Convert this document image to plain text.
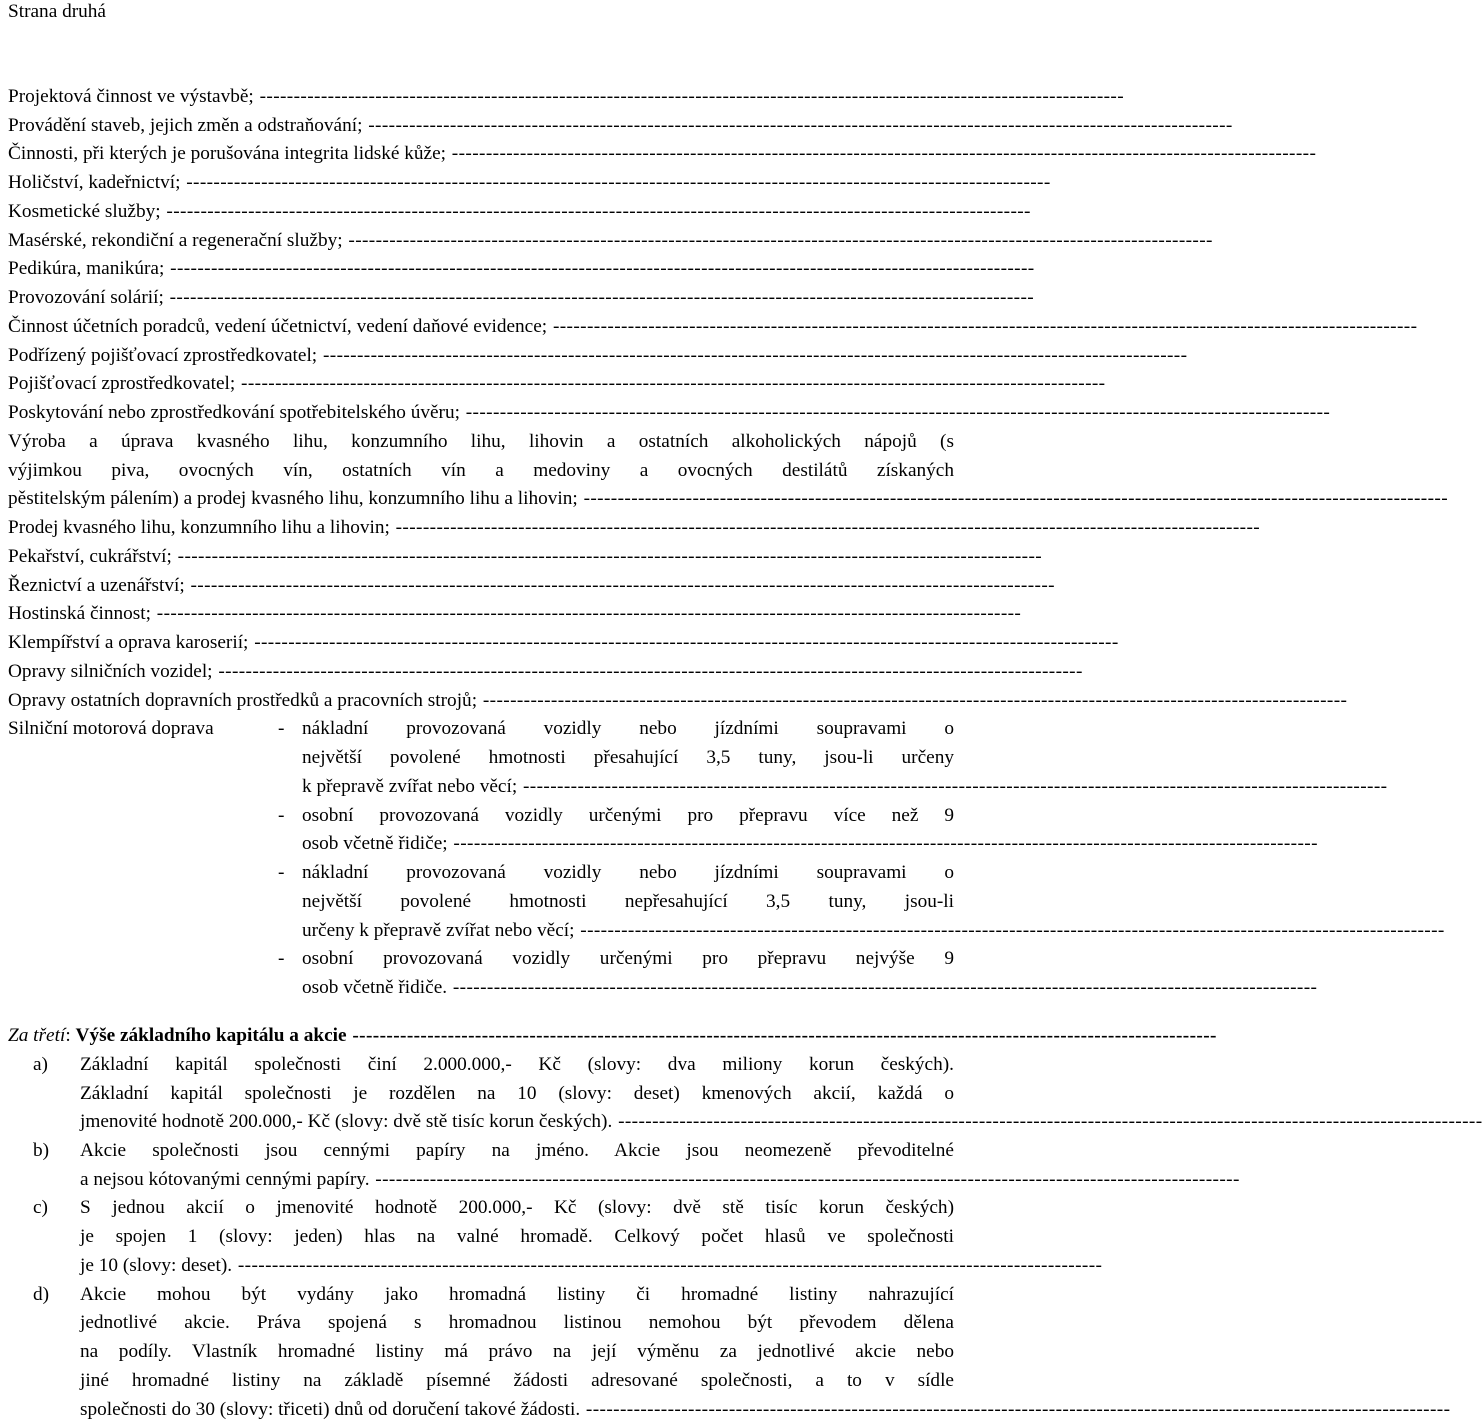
Strana druhá
Projektová činnost ve výstavbě; -------------------------------------------------------------------------------------------------------------------------------
Provádění staveb, jejich změn a odstraňování; -------------------------------------------------------------------------------------------------------------------------------
Činnosti, při kterých je porušována integrita lidské kůže; -------------------------------------------------------------------------------------------------------------------------------
Holičství, kadeřnictví; -------------------------------------------------------------------------------------------------------------------------------
Kosmetické služby; -------------------------------------------------------------------------------------------------------------------------------
Masérské, rekondiční a regenerační služby; -------------------------------------------------------------------------------------------------------------------------------
Pedikúra, manikúra; -------------------------------------------------------------------------------------------------------------------------------
Provozování solárií; -------------------------------------------------------------------------------------------------------------------------------
Činnost účetních poradců, vedení účetnictví, vedení daňové evidence; -------------------------------------------------------------------------------------------------------------------------------
Podřízený pojišťovací zprostředkovatel; -------------------------------------------------------------------------------------------------------------------------------
Pojišťovací zprostředkovatel; -------------------------------------------------------------------------------------------------------------------------------
Poskytování nebo zprostředkování spotřebitelského úvěru; -------------------------------------------------------------------------------------------------------------------------------
Výroba a úprava kvasného lihu, konzumního lihu, lihovin a ostatních alkoholických nápojů (s
výjimkou piva, ovocných vín, ostatních vín a medoviny a ovocných destilátů získaných
pěstitelským pálením) a prodej kvasného lihu, konzumního lihu a lihovin; -------------------------------------------------------------------------------------------------------------------------------
Prodej kvasného lihu, konzumního lihu a lihovin; -------------------------------------------------------------------------------------------------------------------------------
Pekařství, cukrářství; -------------------------------------------------------------------------------------------------------------------------------
Řeznictví a uzenářství; -------------------------------------------------------------------------------------------------------------------------------
Hostinská činnost; -------------------------------------------------------------------------------------------------------------------------------
Klempířství a oprava karoserií; -------------------------------------------------------------------------------------------------------------------------------
Opravy silničních vozidel; -------------------------------------------------------------------------------------------------------------------------------
Opravy ostatních dopravních prostředků a pracovních strojů; -------------------------------------------------------------------------------------------------------------------------------
Silniční motorová doprava	- nákladní provozovaná vozidly nebo jízdními soupravami o
největší povolené hmotnosti přesahující 3,5 tuny, jsou-li určeny
k přepravě zvířat nebo věcí; -------------------------------------------------------------------------------------------------------------------------------
- osobní provozovaná vozidly určenými pro přepravu více než 9
osob včetně řidiče; -------------------------------------------------------------------------------------------------------------------------------
- nákladní provozovaná vozidly nebo jízdními soupravami o
největší povolené hmotnosti nepřesahující 3,5 tuny, jsou-li
určeny k přepravě zvířat nebo věcí; -------------------------------------------------------------------------------------------------------------------------------
- osobní provozovaná vozidly určenými pro přepravu nejvýše 9
osob včetně řidiče. -------------------------------------------------------------------------------------------------------------------------------
Za třetí: Výše základního kapitálu a akcie -------------------------------------------------------------------------------------------------------------------------------
a)	Základní kapitál společnosti činí 2.000.000,- Kč (slovy: dva miliony korun českých).
Základní kapitál společnosti je rozdělen na 10 (slovy: deset) kmenových akcií, každá o
jmenovité hodnotě 200.000,- Kč (slovy: dvě stě tisíc korun českých). -------------------------------------------------------------------------------------------------------------------------------
b)	Akcie společnosti jsou cennými papíry na jméno. Akcie jsou neomezeně převoditelné
a nejsou kótovanými cennými papíry. -------------------------------------------------------------------------------------------------------------------------------
c)	S jednou akcií o jmenovité hodnotě 200.000,- Kč (slovy: dvě stě tisíc korun českých)
je spojen 1 (slovy: jeden) hlas na valné hromadě. Celkový počet hlasů ve společnosti
je 10 (slovy: deset). -------------------------------------------------------------------------------------------------------------------------------
d)	Akcie mohou být vydány jako hromadná listiny či hromadné listiny nahrazující
jednotlivé akcie. Práva spojená s hromadnou listinou nemohou být převodem dělena
na podíly. Vlastník hromadné listiny má právo na její výměnu za jednotlivé akcie nebo
jiné hromadné listiny na základě písemné žádosti adresované společnosti, a to v sídle
společnosti do 30 (slovy: třiceti) dnů od doručení takové žádosti. -------------------------------------------------------------------------------------------------------------------------------
